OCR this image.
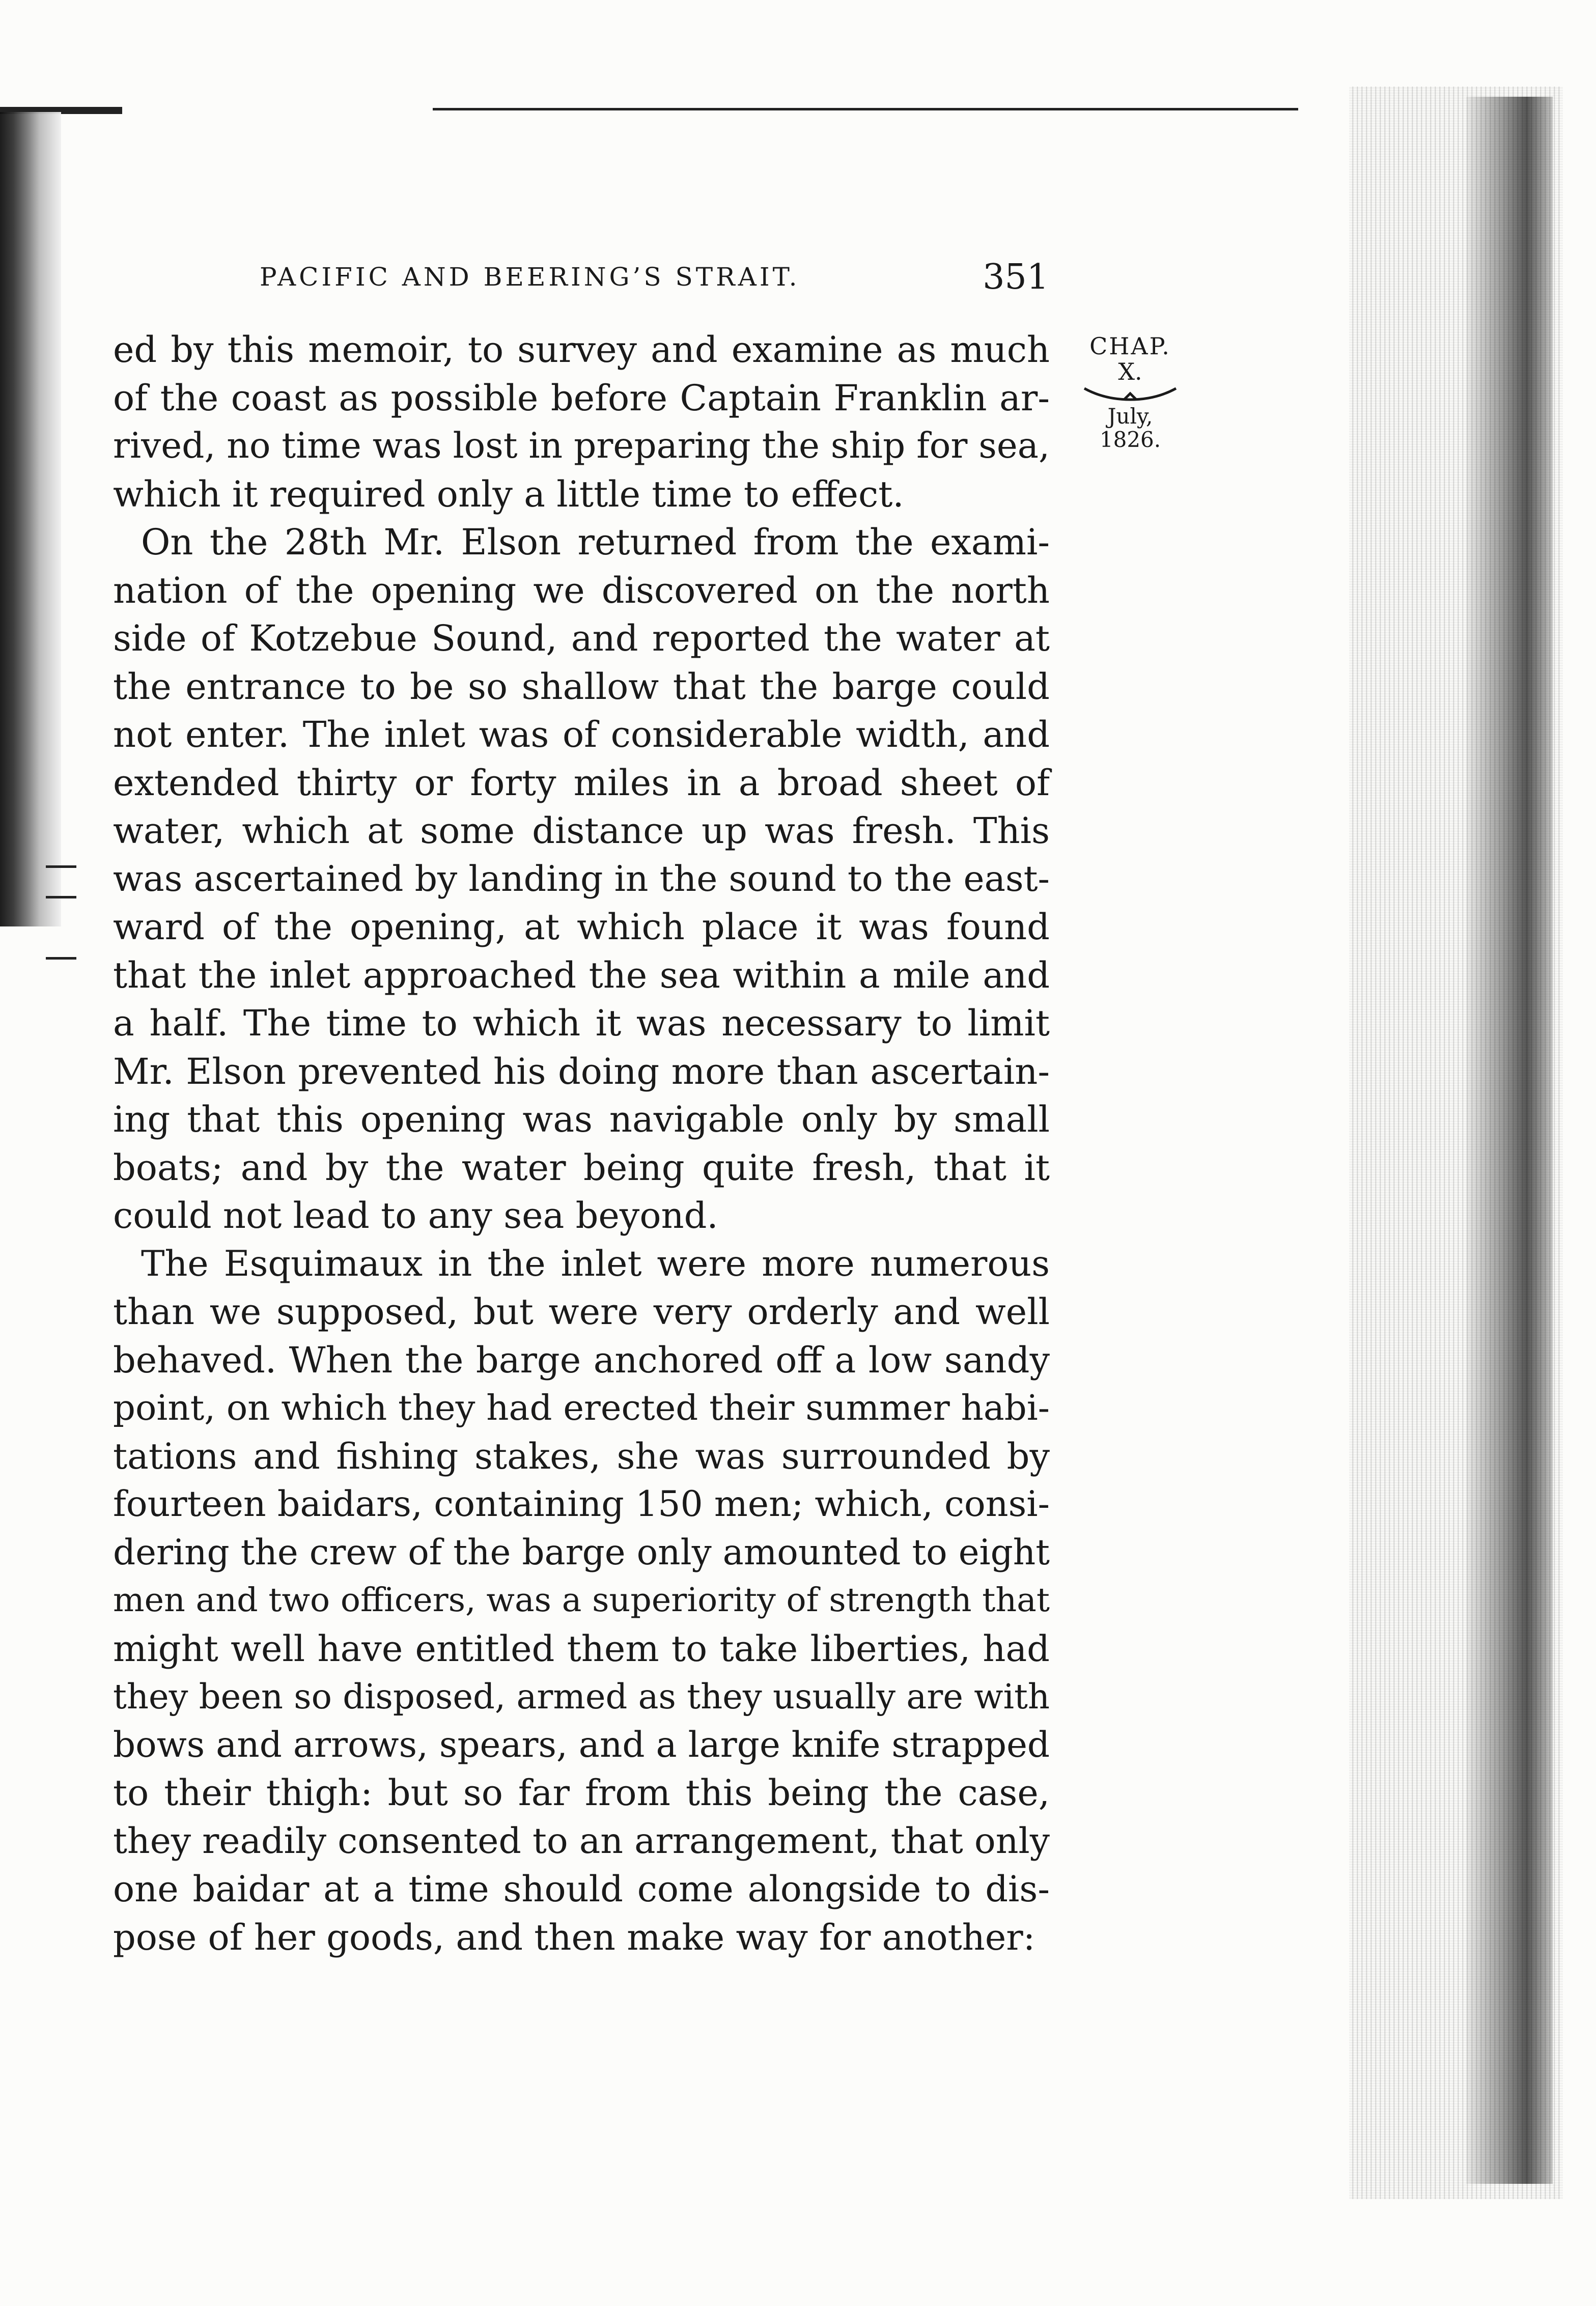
PACIFIC AND BEERING’S STRAIT.	351
CHAP.
X.
July,
1826.
ed by this memoir, to survey and examine as much
of the coast as possible before Captain Franklin ar-
rived, no time was lost in preparing the ship for sea,
which it required only a little time to effect.
On the 28th Mr. Elson returned from the exami-
nation of the opening we discovered on the north
side of Kotzebue Sound, and reported the water at
the entrance to be so shallow that the barge could
not enter. The inlet was of considerable width, and
extended thirty or forty miles in a broad sheet of
water, which at some distance up was fresh. This
was ascertained by landing in the sound to the east-
ward of the opening, at which place it was found
that the inlet approached the sea within a mile and
a half. The time to which it was necessary to limit
Mr. Elson prevented his doing more than ascertain-
ing that this opening was navigable only by small
boats; and by the water being quite fresh, that it
could not lead to any sea beyond.
The Esquimaux in the inlet were more numerous
than we supposed, but were very orderly and well
behaved. When the barge anchored off a low sandy
point, on which they had erected their summer habi-
tations and fishing stakes, she was surrounded by
fourteen baidars, containing 150 men; which, consi-
dering the crew of the barge only amounted to eight
men and two officers, was a superiority of strength that
might well have entitled them to take liberties, had
they been so disposed, armed as they usually are with
bows and arrows, spears, and a large knife strapped
to their thigh: but so far from this being the case,
they readily consented to an arrangement, that only
one baidar at a time should come alongside to dis-
pose of her goods, and then make way for another:
